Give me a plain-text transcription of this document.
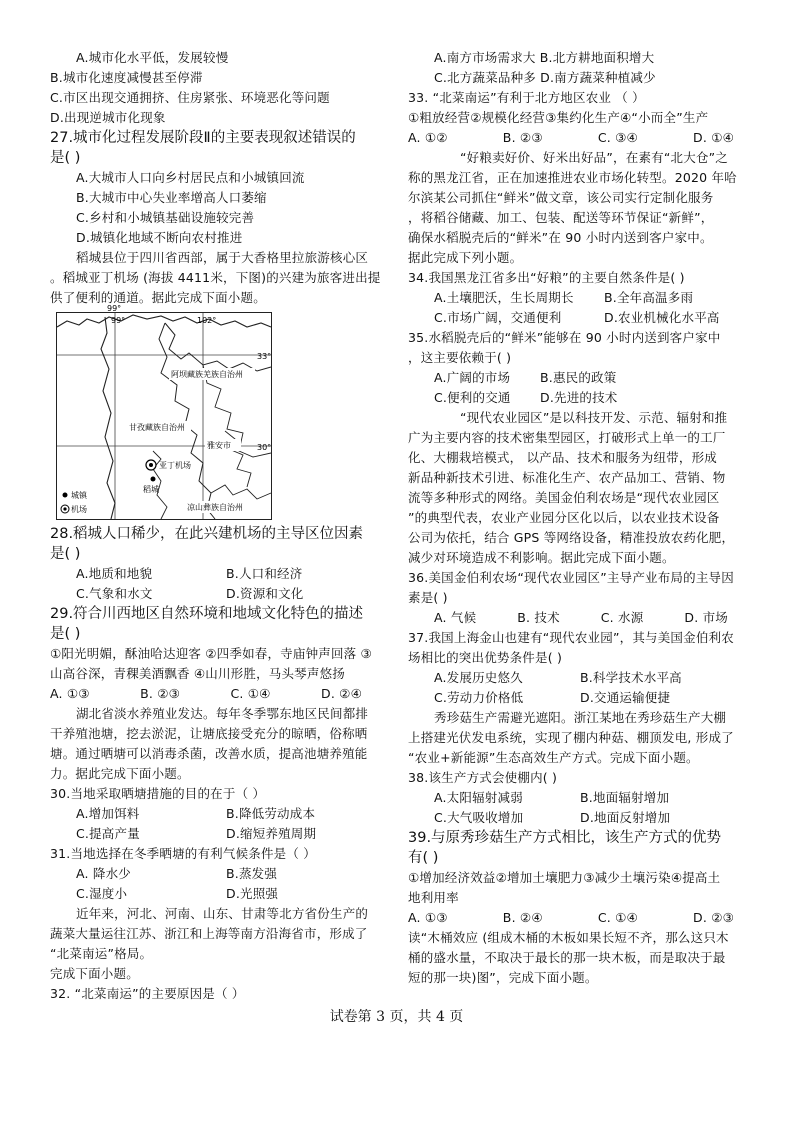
A.城市化水平低，发展较慢
B.城市化速度减慢甚至停滞
C.市区出现交通拥挤、住房紧张、环境恶化等问题
D.出现逆城市化现象
27.城市化过程发展阶段Ⅱ的主要表现叙述错误的
是( )
A.大城市人口向乡村居民点和小城镇回流
B.大城市中心失业率增高人口萎缩
C.乡村和小城镇基础设施较完善
D.城镇化地域不断向农村推进
稻城县位于四川省西部，属于大香格里拉旅游核心区
。稻城亚丁机场 (海拔 4411米，下图)的兴建为旅客进出提
供了便利的通道。据此完成下面小题。
99°
99°	102°
33°
30°
阿坝藏族羌族自治州
甘孜藏族自治州
雅安市
凉山彝族自治州
亚丁机场
稻城
城镇
机场
28.稻城人口稀少，在此兴建机场的主导区位因素
是( )
A.地质和地貌	B.人口和经济
C.气象和水文	D.资源和文化
29.符合川西地区自然环境和地域文化特色的描述
是( )
①阳光明媚，酥油哈达迎客 ②四季如春，寺庙钟声回落 ③
山高谷深，青稞美酒飘香 ④山川形胜，马头琴声悠扬
A. ①③	B. ②③	C. ①④	D. ②④
湖北省淡水养殖业发达。每年冬季鄂东地区民间都排
干养殖池塘，挖去淤泥，让塘底接受充分的晾晒，俗称晒
塘。通过晒塘可以消毒杀菌，改善水质，提高池塘养殖能
力。据此完成下面小题。
30.当地采取晒塘措施的目的在于（ ）
A.增加饵料	B.降低劳动成本
C.提高产量	D.缩短养殖周期
31.当地选择在冬季晒塘的有利气候条件是（ ）
A. 降水少	B.蒸发强
C.湿度小	D.光照强
近年来，河北、河南、山东、甘肃等北方省份生产的
蔬菜大量运往江苏、浙江和上海等南方沿海省市，形成了
“北菜南运”格局。
完成下面小题。
32. “北菜南运”的主要原因是（ ）
A.南方市场需求大 B.北方耕地面积增大
C.北方蔬菜品种多 D.南方蔬菜种植减少
33. “北菜南运”有利于北方地区农业 （ ）
①粗放经营②规模化经营③集约化生产④“小而全”生产
A. ①②	B. ②③	C. ③④	D. ①④
“好粮卖好价、好米出好品”，在素有“北大仓”之
称的黑龙江省，正在加速推进农业市场化转型。2020 年哈
尔滨某公司抓住“鲜米”做文章，该公司实行定制化服务
，将稻谷储藏、加工、包装、配送等环节保证“新鲜”，
确保水稻脱壳后的“鲜米”在 90 小时内送到客户家中。
据此完成下列小题。
34.我国黑龙江省多出“好粮”的主要自然条件是( )
A.土壤肥沃，生长周期长	B.全年高温多雨
C.市场广阔，交通便利	D.农业机械化水平高
35.水稻脱壳后的“鲜米”能够在 90 小时内送到客户家中
，这主要依赖于( )
A.广阔的市场	B.惠民的政策
C.便利的交通	D.先进的技术
“现代农业园区”是以科技开发、示范、辐射和推
广为主要内容的技术密集型园区，打破形式上单一的工厂
化、大棚栽培模式， 以产品、技术和服务为纽带，形成
新品种新技术引进、标准化生产、农产品加工、营销、物
流等多种形式的网络。美国金伯利农场是“现代农业园区
”的典型代表，农业产业园分区化以后，以农业技术设备
公司为依托，结合 GPS 等网络设备，精准投放农药化肥，
减少对环境造成不利影响。据此完成下面小题。
36.美国金伯利农场“现代农业园区”主导产业布局的主导因
素是( )
A. 气候	B. 技术	C. 水源	D. 市场
37.我国上海金山也建有“现代农业园”，其与美国金伯利农
场相比的突出优势条件是( )
A.发展历史悠久	B.科学技术水平高
C.劳动力价格低	D.交通运输便捷
秀珍菇生产需避光遮阳。浙江某地在秀珍菇生产大棚
上搭建光伏发电系统，实现了棚内种菇、棚顶发电, 形成了
“农业+新能源”生态高效生产方式。完成下面小题。
38.该生产方式会使棚内( )
A.太阳辐射减弱	B.地面辐射增加
C.大气吸收增加	D.地面反射增加
39.与原秀珍菇生产方式相比，该生产方式的优势
有( )
①增加经济效益②增加土壤肥力③减少土壤污染④提高土
地利用率
A. ①③	B. ②④	C. ①④	D. ②③
读“木桶效应 (组成木桶的木板如果长短不齐，那么这只木
桶的盛水量，不取决于最长的那一块木板，而是取决于最
短的那一块)图”，完成下面小题。
试卷第 3 页，共 4 页
